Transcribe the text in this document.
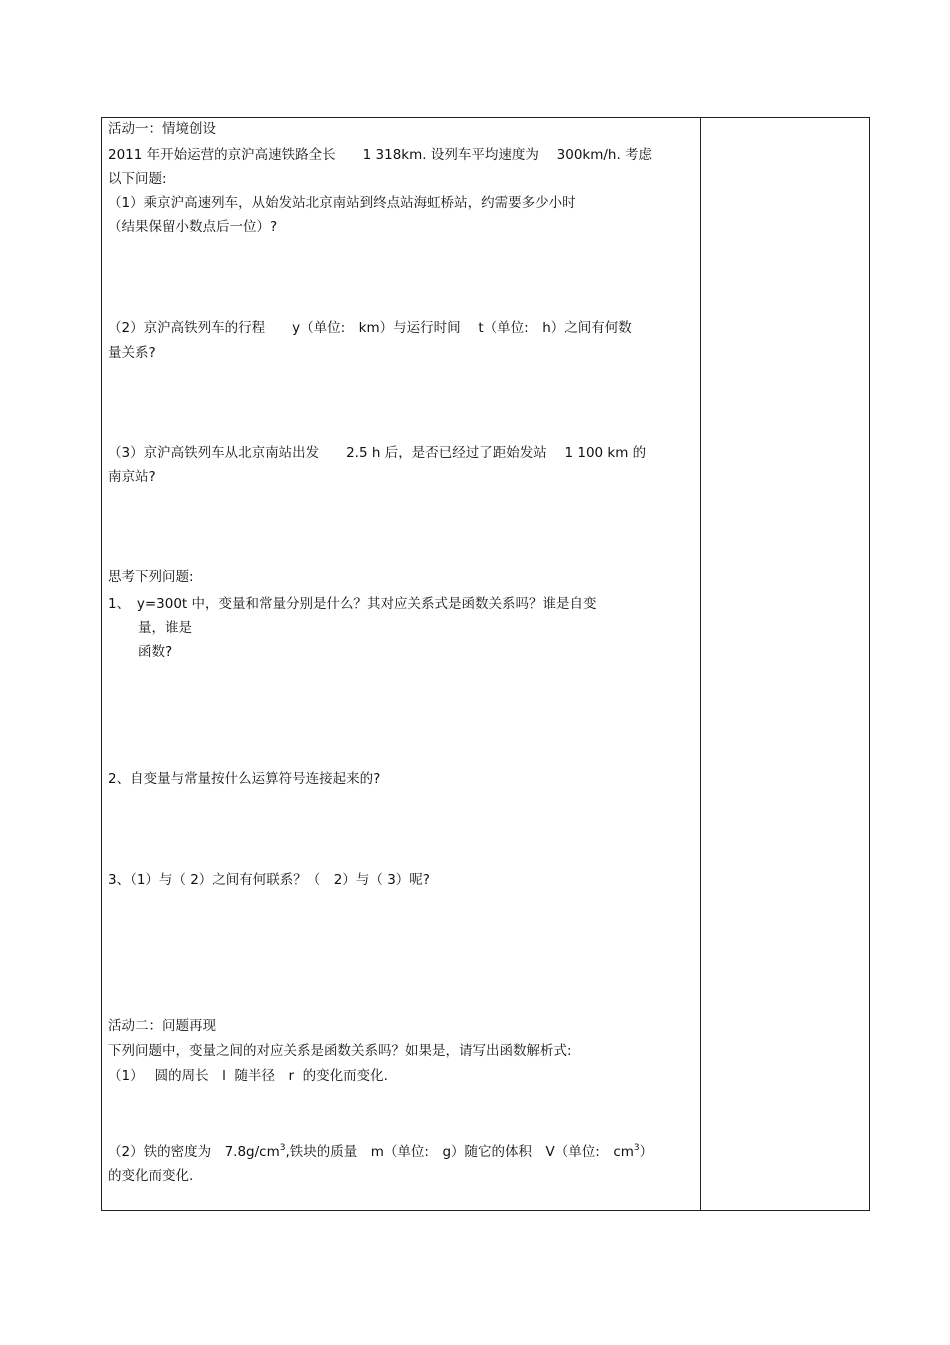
活动一：情境创设
2011 年开始运营的京沪高速铁路全长　　1 318km. 设列车平均速度为　 300km/h. 考虑
以下问题:
（1）乘京沪高速列车，从始发站北京南站到终点站海虹桥站，约需要多少小时
（结果保留小数点后一位）?
（2）京沪高铁列车的行程　　y（单位:　km）与运行时间　 t（单位:　h）之间有何数
量关系?
（3）京沪高铁列车从北京南站出发　　2.5 h 后，是否已经过了距始发站　 1 100 km 的
南京站?
思考下列问题:
1、　y=300t 中，变量和常量分别是什么？其对应关系式是函数关系吗？谁是自变
量，谁是
函数?
2、自变量与常量按什么运算符号连接起来的?
3、（1）与（ 2）之间有何联系？（　2）与（ 3）呢?
活动二：问题再现
下列问题中，变量之间的对应关系是函数关系吗？如果是，请写出函数解析式:
（1）　 圆的周长　l  随半径　r  的变化而变化.
（2）铁的密度为　$7.8g/cm^3$,铁块的质量　m（单位:　g）随它的体积　V（单位:　$cm^3$）
的变化而变化.
